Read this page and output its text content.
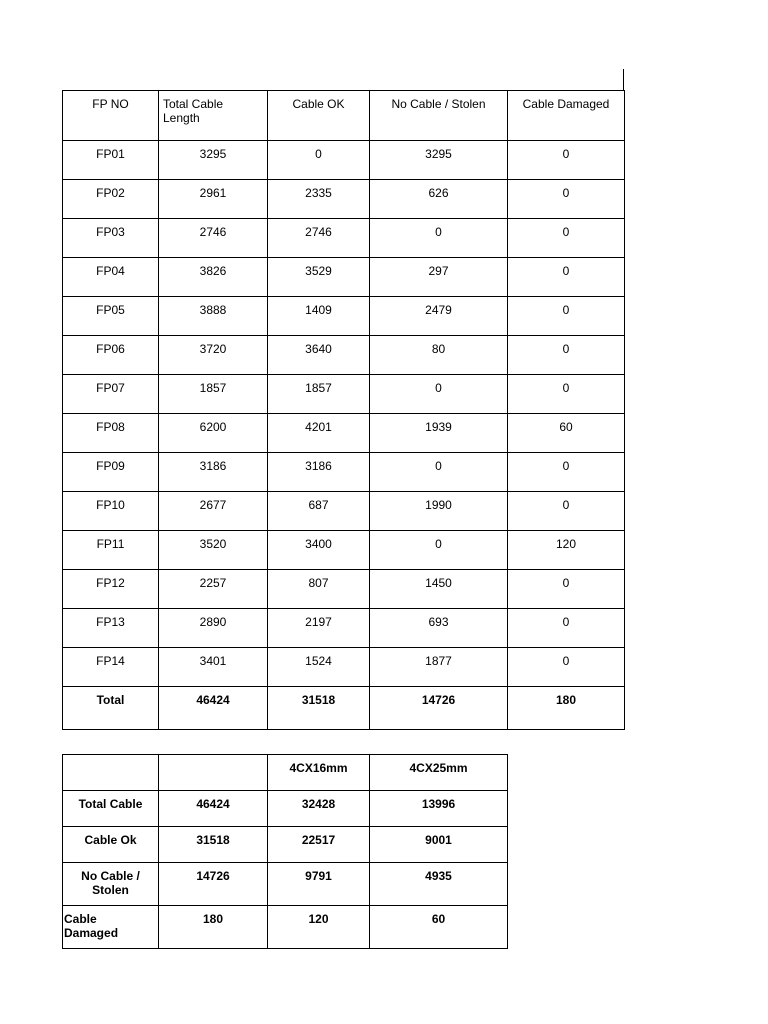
FP NO	Total Cable Length	Cable OK	No Cable / Stolen	Cable Damaged
FP01	3295	0	3295	0
FP02	2961	2335	626	0
FP03	2746	2746	0	0
FP04	3826	3529	297	0
FP05	3888	1409	2479	0
FP06	3720	3640	80	0
FP07	1857	1857	0	0
FP08	6200	4201	1939	60
FP09	3186	3186	0	0
FP10	2677	687	1990	0
FP11	3520	3400	0	120
FP12	2257	807	1450	0
FP13	2890	2197	693	0
FP14	3401	1524	1877	0
Total	46424	31518	14726	180
		4CX16mm	4CX25mm
Total Cable	46424	32428	13996
Cable Ok	31518	22517	9001
No Cable / Stolen	14726	9791	4935
Cable Damaged	180	120	60
